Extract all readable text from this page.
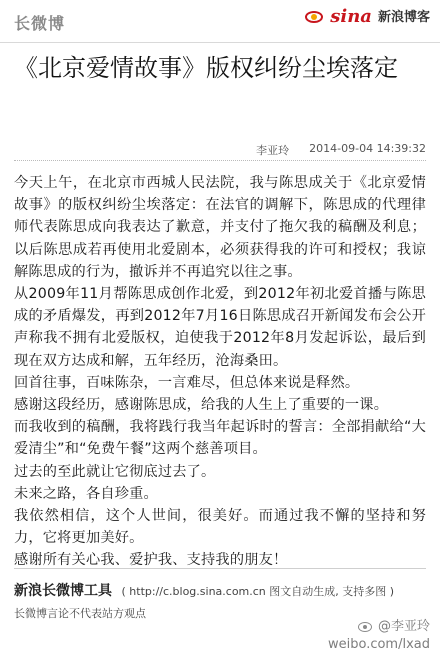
长微博	sina 新浪博客
《北京爱情故事》版权纠纷尘埃落定
李亚玲 2014-09-04 14:39:32

今天上午，在北京市西城人民法院，我与陈思成关于《北京爱情故事》的版权纠纷尘埃落定：在法官的调解下，陈思成的代理律师代表陈思成向我表达了歉意，并支付了拖欠我的稿酬及利息；以后陈思成若再使用北爱剧本，必须获得我的许可和授权；我谅解陈思成的行为，撤诉并不再追究以往之事。

从2009年11月帮陈思成创作北爱，到2012年初北爱首播与陈思成的矛盾爆发，再到2012年7月16日陈思成召开新闻发布会公开声称我不拥有北爱版权，迫使我于2012年8月发起诉讼，最后到现在双方达成和解，五年经历，沧海桑田。

回首往事，百味陈杂，一言难尽，但总体来说是释然。

感谢这段经历，感谢陈思成，给我的人生上了重要的一课。

而我收到的稿酬，我将践行我当年起诉时的誓言：全部捐献给“大爱清尘”和“免费午餐”这两个慈善项目。

过去的至此就让它彻底过去了。

未来之路，各自珍重。

我依然相信，这个人世间，很美好。而通过我不懈的坚持和努力，它将更加美好。

感谢所有关心我、爱护我、支持我的朋友！

新浪长微博工具 ( http://c.blog.sina.com.cn 图文自动生成, 支持多图 )
长微博言论不代表站方观点
@李亚玲
weibo.com/lxad
